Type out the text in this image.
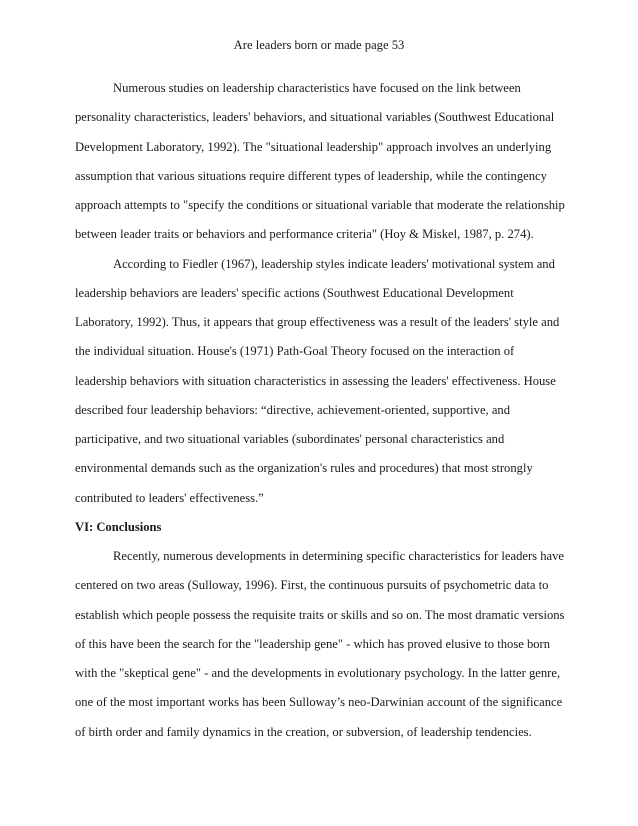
Are leaders born or made page 53
Numerous studies on leadership characteristics have focused on the link between
personality characteristics, leaders' behaviors, and situational variables (Southwest Educational
Development Laboratory, 1992). The "situational leadership" approach involves an underlying
assumption that various situations require different types of leadership, while the contingency
approach attempts to "specify the conditions or situational variable that moderate the relationship
between leader traits or behaviors and performance criteria" (Hoy & Miskel, 1987, p. 274).
According to Fiedler (1967), leadership styles indicate leaders' motivational system and
leadership behaviors are leaders' specific actions (Southwest Educational Development
Laboratory, 1992). Thus, it appears that group effectiveness was a result of the leaders' style and
the individual situation. House's (1971) Path-Goal Theory focused on the interaction of
leadership behaviors with situation characteristics in assessing the leaders' effectiveness. House
described four leadership behaviors: “directive, achievement-oriented, supportive, and
participative, and two situational variables (subordinates' personal characteristics and
environmental demands such as the organization's rules and procedures) that most strongly
contributed to leaders' effectiveness.”
VI: Conclusions
Recently, numerous developments in determining specific characteristics for leaders have
centered on two areas (Sulloway, 1996). First, the continuous pursuits of psychometric data to
establish which people possess the requisite traits or skills and so on. The most dramatic versions
of this have been the search for the "leadership gene" - which has proved elusive to those born
with the "skeptical gene" - and the developments in evolutionary psychology. In the latter genre,
one of the most important works has been Sulloway’s neo-Darwinian account of the significance
of birth order and family dynamics in the creation, or subversion, of leadership tendencies.
